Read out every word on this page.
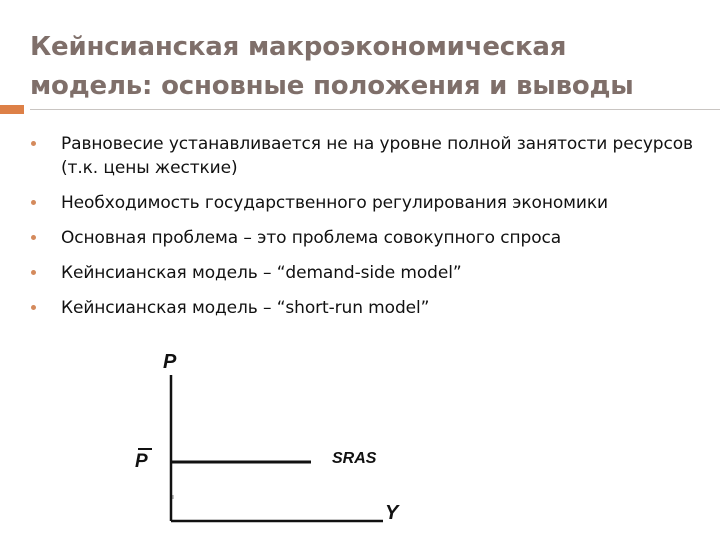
Кейнсианская макроэкономическая модель: основные положения и выводы
Равновесие устанавливается не на уровне полной занятости ресурсов (т.к. цены жесткие)
Необходимость государственного регулирования экономики
Основная проблема – это проблема совокупного спроса
Кейнсианская модель – “demand-side model”
Кейнсианская модель – “short-run model”
P
P	SRAS
Y
